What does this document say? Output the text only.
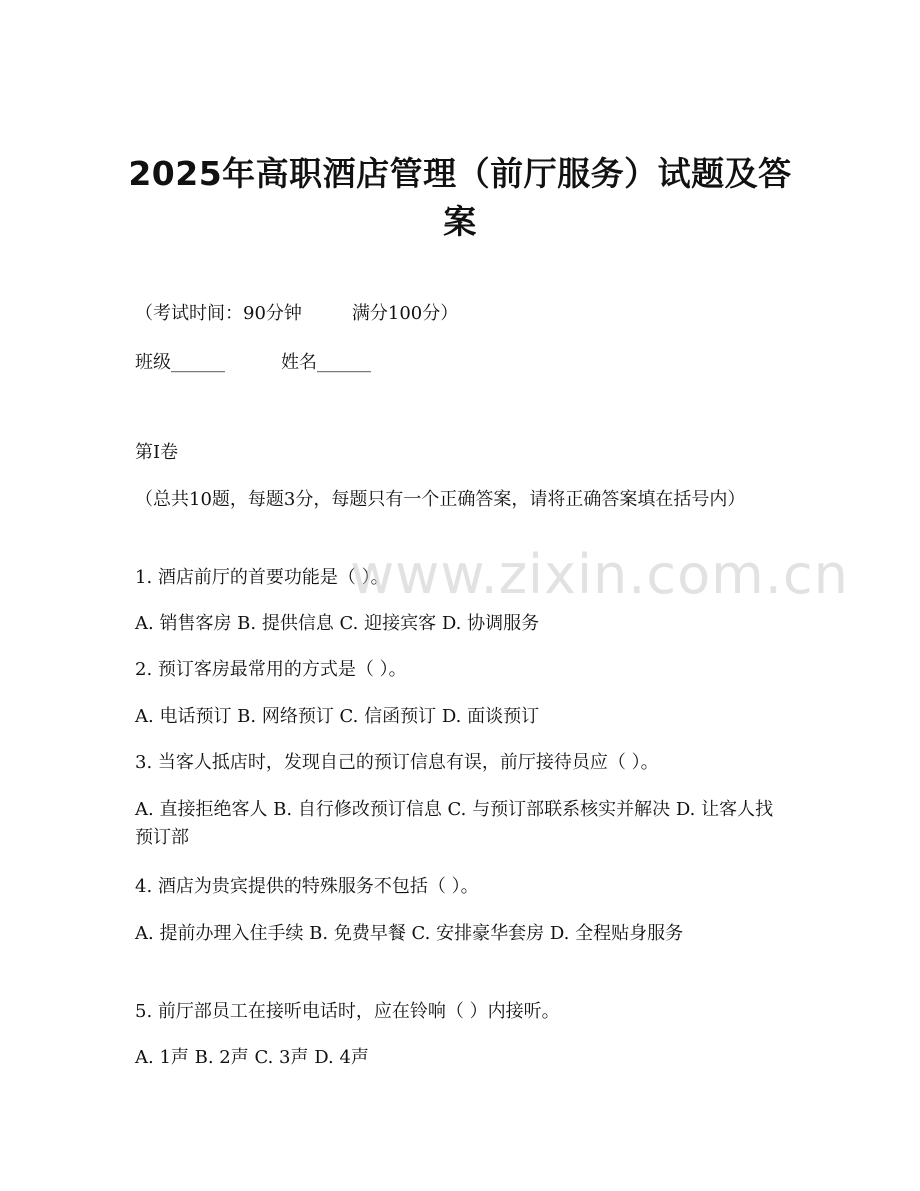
2025年高职酒店管理（前厅服务）试题及答案

（考试时间：90分钟	满分100分）

班级______	姓名______

第I卷

（总共10题，每题3分，每题只有一个正确答案，请将正确答案填在括号内）

1. 酒店前厅的首要功能是（ ）。

A. 销售客房 B. 提供信息 C. 迎接宾客 D. 协调服务

2. 预订客房最常用的方式是（ ）。

A. 电话预订 B. 网络预订 C. 信函预订 D. 面谈预订

3. 当客人抵店时，发现自己的预订信息有误，前厅接待员应（ ）。

A. 直接拒绝客人 B. 自行修改预订信息 C. 与预订部联系核实并解决 D. 让客人找预订部

4. 酒店为贵宾提供的特殊服务不包括（ ）。

A. 提前办理入住手续 B. 免费早餐 C. 安排豪华套房 D. 全程贴身服务

5. 前厅部员工在接听电话时，应在铃响（ ）内接听。

A. 1声 B. 2声 C. 3声 D. 4声

www.zixin.com.cn
